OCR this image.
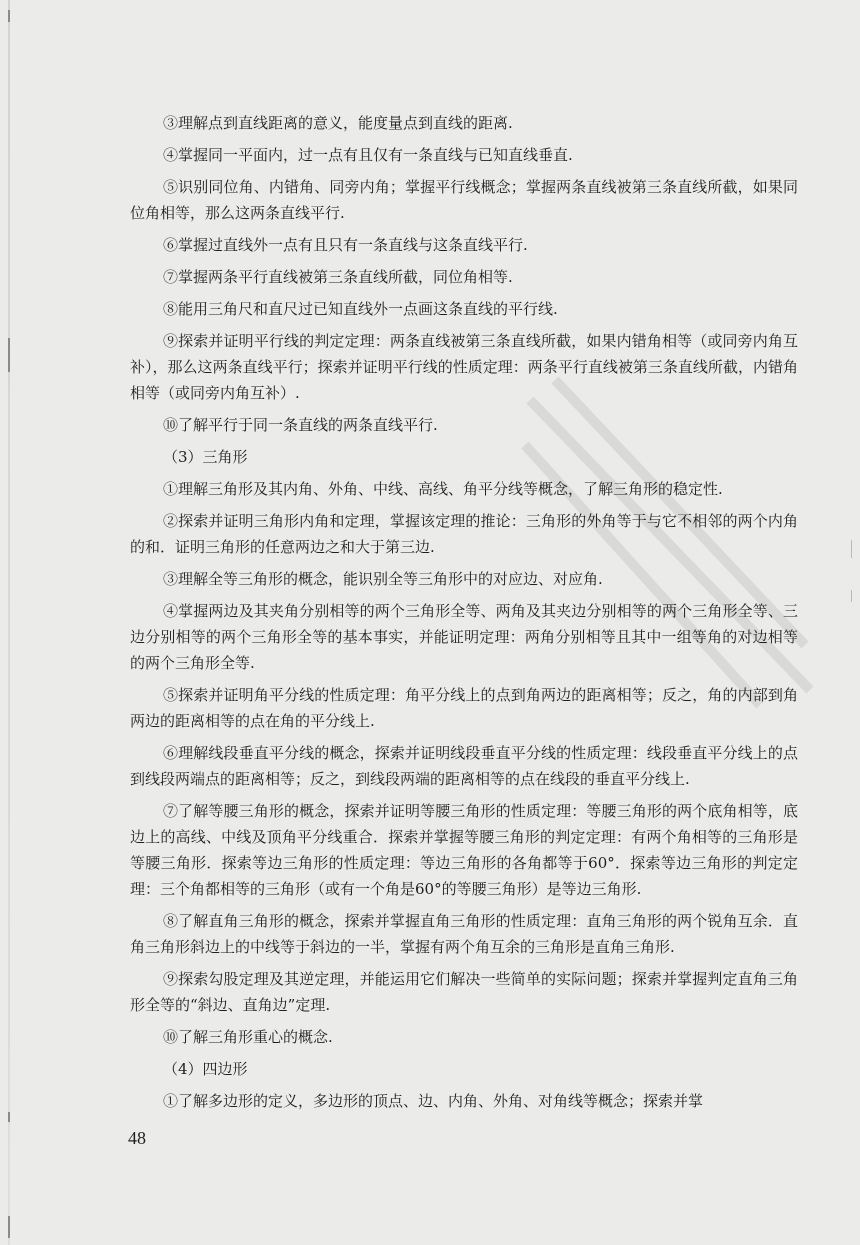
③理解点到直线距离的意义，能度量点到直线的距离.

④掌握同一平面内，过一点有且仅有一条直线与已知直线垂直.

⑤识别同位角、内错角、同旁内角；掌握平行线概念；掌握两条直线被第三条直线所截，如果同位角相等，那么这两条直线平行.

⑥掌握过直线外一点有且只有一条直线与这条直线平行.

⑦掌握两条平行直线被第三条直线所截，同位角相等.

⑧能用三角尺和直尺过已知直线外一点画这条直线的平行线.

⑨探索并证明平行线的判定定理：两条直线被第三条直线所截，如果内错角相等（或同旁内角互补），那么这两条直线平行；探索并证明平行线的性质定理：两条平行直线被第三条直线所截，内错角相等（或同旁内角互补）.

⑩了解平行于同一条直线的两条直线平行.

（3）三角形

①理解三角形及其内角、外角、中线、高线、角平分线等概念，了解三角形的稳定性.

②探索并证明三角形内角和定理，掌握该定理的推论：三角形的外角等于与它不相邻的两个内角的和．证明三角形的任意两边之和大于第三边.

③理解全等三角形的概念，能识别全等三角形中的对应边、对应角.

④掌握两边及其夹角分别相等的两个三角形全等、两角及其夹边分别相等的两个三角形全等、三边分别相等的两个三角形全等的基本事实，并能证明定理：两角分别相等且其中一组等角的对边相等的两个三角形全等.

⑤探索并证明角平分线的性质定理：角平分线上的点到角两边的距离相等；反之，角的内部到角两边的距离相等的点在角的平分线上.

⑥理解线段垂直平分线的概念，探索并证明线段垂直平分线的性质定理：线段垂直平分线上的点到线段两端点的距离相等；反之，到线段两端的距离相等的点在线段的垂直平分线上.

⑦了解等腰三角形的概念，探索并证明等腰三角形的性质定理：等腰三角形的两个底角相等，底边上的高线、中线及顶角平分线重合．探索并掌握等腰三角形的判定定理：有两个角相等的三角形是等腰三角形．探索等边三角形的性质定理：等边三角形的各角都等于60°．探索等边三角形的判定定理：三个角都相等的三角形（或有一个角是60°的等腰三角形）是等边三角形.

⑧了解直角三角形的概念，探索并掌握直角三角形的性质定理：直角三角形的两个锐角互余．直角三角形斜边上的中线等于斜边的一半，掌握有两个角互余的三角形是直角三角形.

⑨探索勾股定理及其逆定理，并能运用它们解决一些简单的实际问题；探索并掌握判定直角三角形全等的“斜边、直角边”定理.

⑩了解三角形重心的概念.

（4）四边形

①了解多边形的定义，多边形的顶点、边、内角、外角、对角线等概念；探索并掌

48
